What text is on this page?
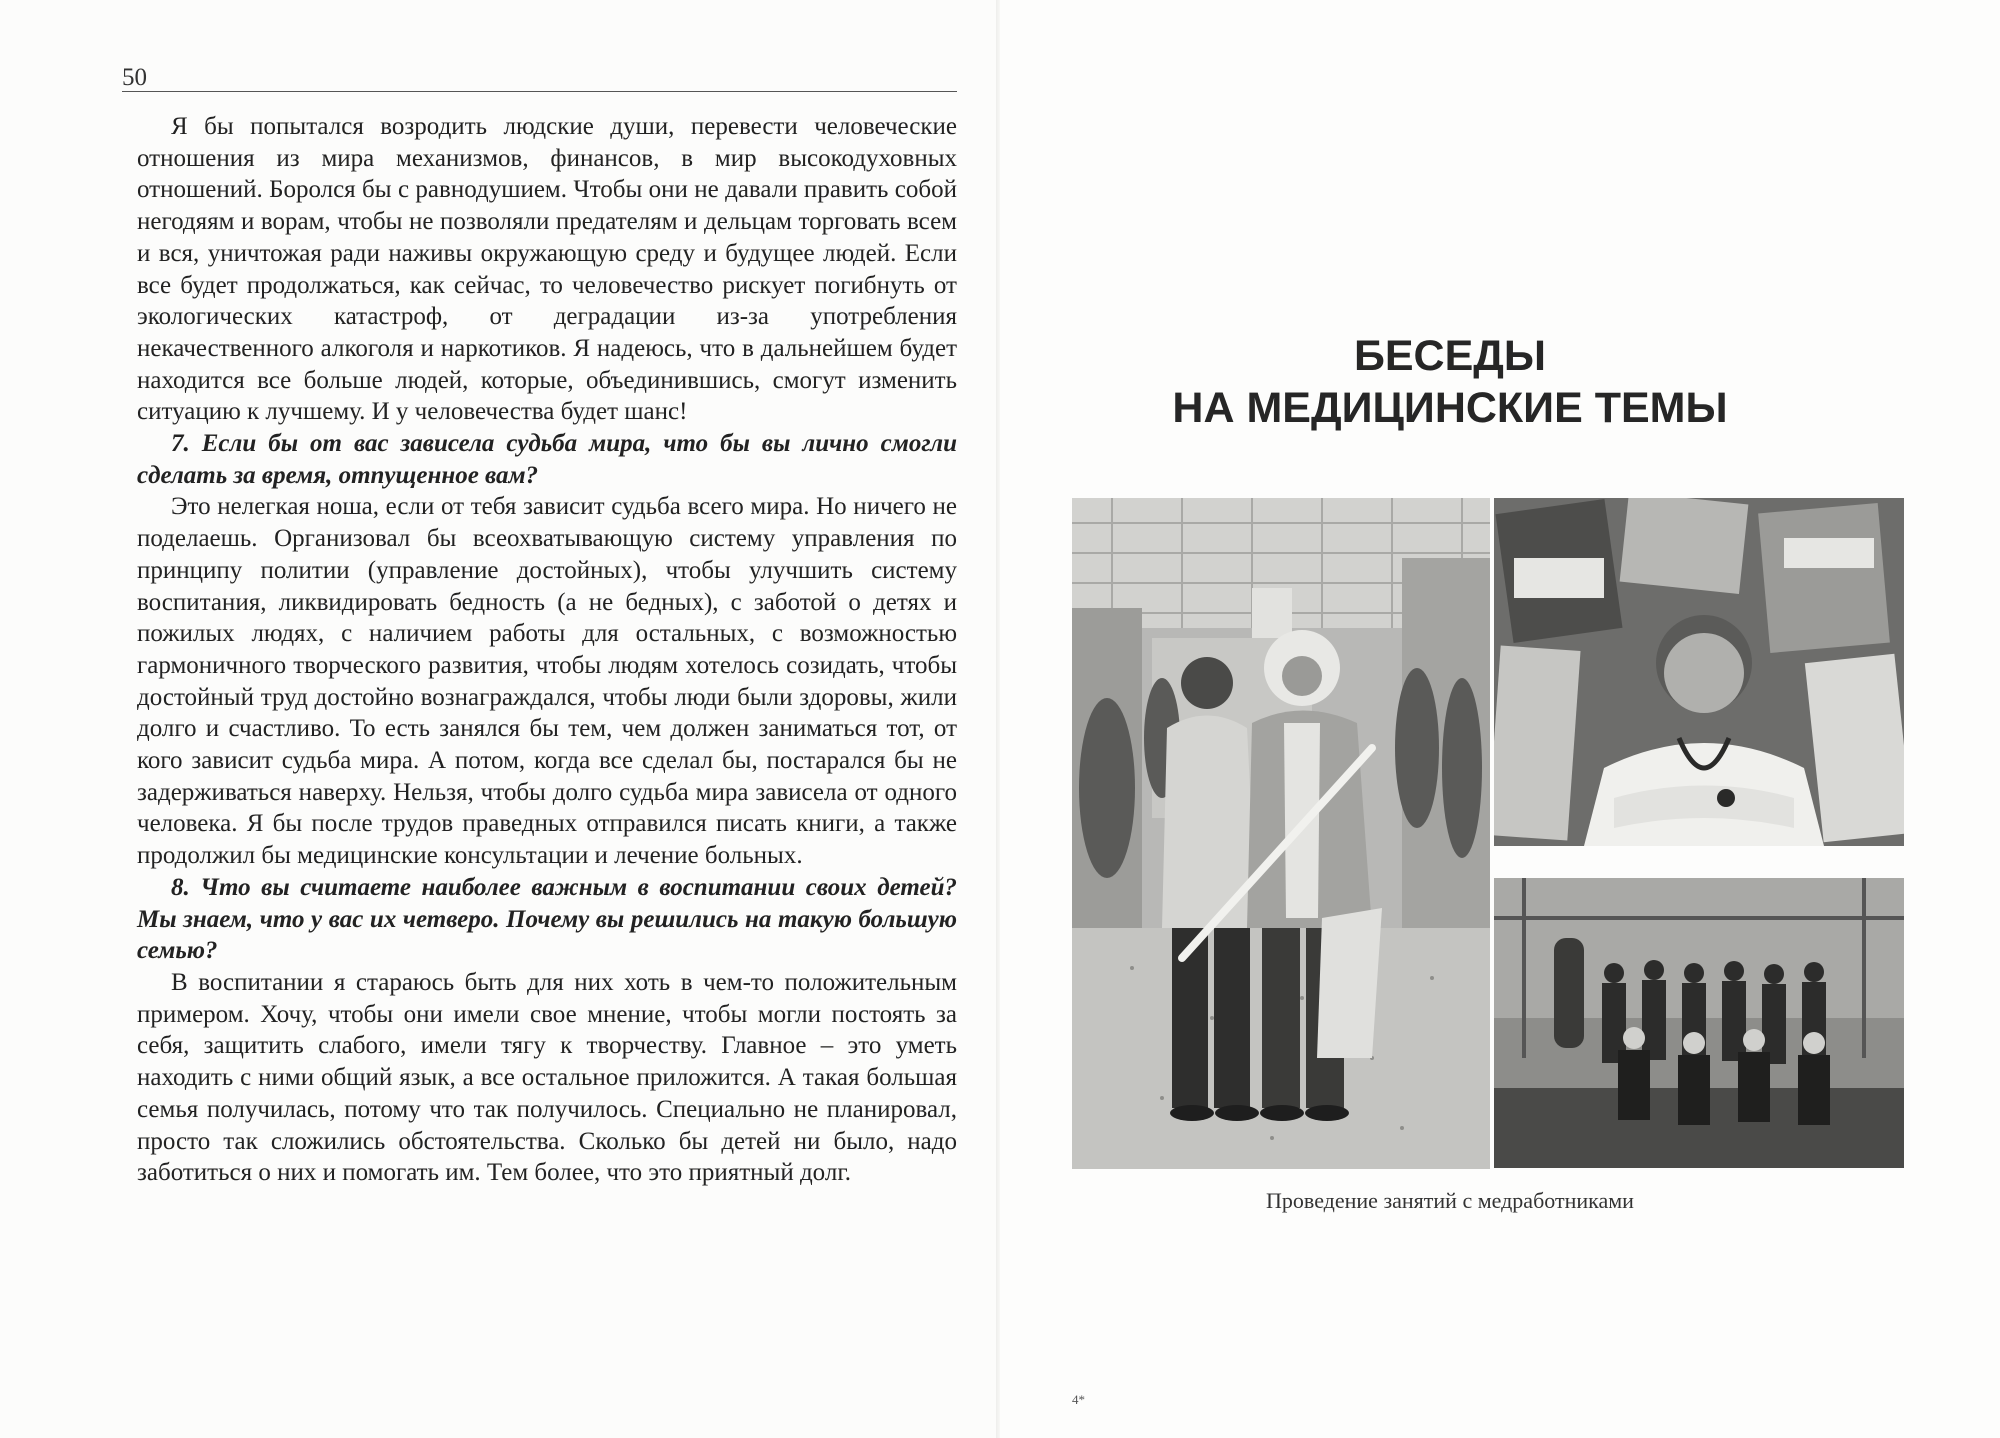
50

Я бы попытался возродить людские души, перевести человеческие отношения из мира механизмов, финансов, в мир высокодуховных отношений. Боролся бы с равнодушием. Чтобы они не давали править собой негодяям и ворам, чтобы не позволяли предателям и дельцам торговать всем и вся, уничтожая ради наживы окружающую среду и будущее людей. Если все будет продолжаться, как сейчас, то человечество рискует погибнуть от экологических катастроф, от деградации из-за употребления некачественного алкоголя и наркотиков. Я надеюсь, что в дальнейшем будет находится все больше людей, которые, объединившись, смогут изменить ситуацию к лучшему. И у человечества будет шанс!

7. Если бы от вас зависела судьба мира, что бы вы лично смогли сделать за время, отпущенное вам?

Это нелегкая ноша, если от тебя зависит судьба всего мира. Но ничего не поделаешь. Организовал бы всеохватывающую систему управления по принципу политии (управление достойных), чтобы улучшить систему воспитания, ликвидировать бедность (а не бедных), с заботой о детях и пожилых людях, с наличием работы для остальных, с возможностью гармоничного творческого развития, чтобы людям хотелось созидать, чтобы достойный труд достойно вознаграждался, чтобы люди были здоровы, жили долго и счастливо. То есть занялся бы тем, чем должен заниматься тот, от кого зависит судьба мира. А потом, когда все сделал бы, постарался бы не задерживаться наверху. Нельзя, чтобы долго судьба мира зависела от одного человека. Я бы после трудов праведных отправился писать книги, а также продолжил бы медицинские консультации и лечение больных.

8. Что вы считаете наиболее важным в воспитании своих детей? Мы знаем, что у вас их четверо. Почему вы решились на такую большую семью?

В воспитании я стараюсь быть для них хоть в чем-то положительным примером. Хочу, чтобы они имели свое мнение, чтобы могли постоять за себя, защитить слабого, имели тягу к творчеству. Главное – это уметь находить с ними общий язык, а все остальное приложится. А такая большая семья получилась, потому что так получилось. Специально не планировал, просто так сложились обстоятельства. Сколько бы детей ни было, надо заботиться о них и помогать им. Тем более, что это приятный долг.

БЕСЕДЫ
НА МЕДИЦИНСКИЕ ТЕМЫ
Проведение занятий с медработниками
4*
